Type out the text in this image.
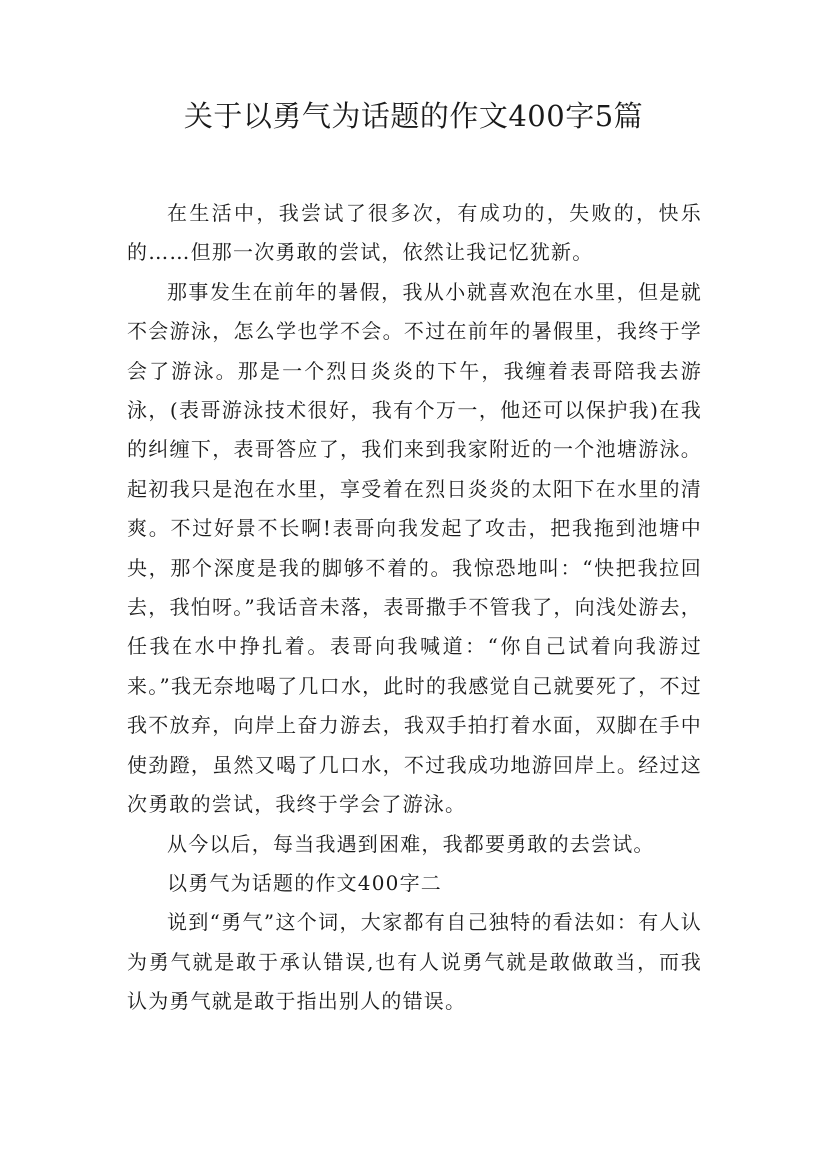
关于以勇气为话题的作文400字5篇

在生活中，我尝试了很多次，有成功的，失败的，快乐的……但那一次勇敢的尝试，依然让我记忆犹新。

那事发生在前年的暑假，我从小就喜欢泡在水里，但是就不会游泳，怎么学也学不会。不过在前年的暑假里，我终于学会了游泳。那是一个烈日炎炎的下午，我缠着表哥陪我去游泳，(表哥游泳技术很好，我有个万一，他还可以保护我)在我的纠缠下，表哥答应了，我们来到我家附近的一个池塘游泳。起初我只是泡在水里，享受着在烈日炎炎的太阳下在水里的清爽。不过好景不长啊!表哥向我发起了攻击，把我拖到池塘中央，那个深度是我的脚够不着的。我惊恐地叫：“快把我拉回去，我怕呀。”我话音未落，表哥撒手不管我了，向浅处游去，任我在水中挣扎着。表哥向我喊道：“你自己试着向我游过来。”我无奈地喝了几口水，此时的我感觉自己就要死了，不过我不放弃，向岸上奋力游去，我双手拍打着水面，双脚在手中使劲蹬，虽然又喝了几口水，不过我成功地游回岸上。经过这次勇敢的尝试，我终于学会了游泳。

从今以后，每当我遇到困难，我都要勇敢的去尝试。

以勇气为话题的作文400字二

说到“勇气”这个词，大家都有自己独特的看法如：有人认为勇气就是敢于承认错误,也有人说勇气就是敢做敢当，而我认为勇气就是敢于指出别人的错误。
